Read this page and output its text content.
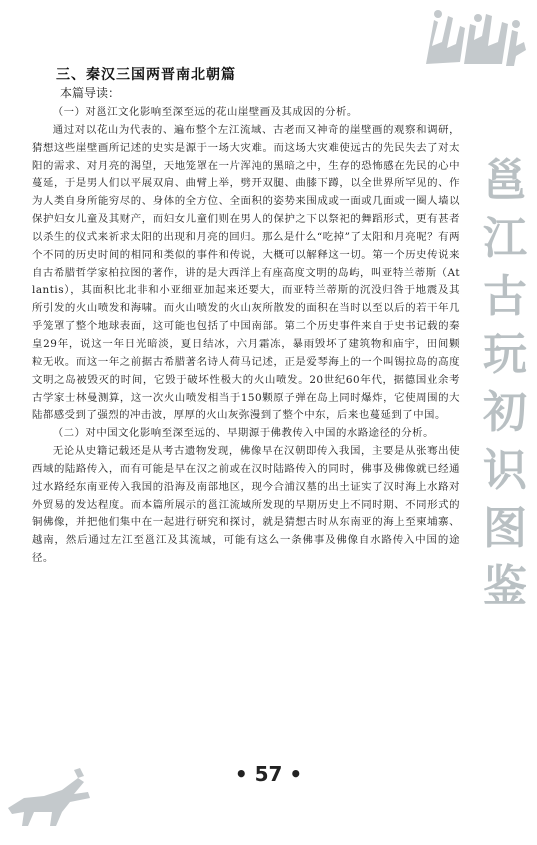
邕
江
古
玩
初
识
图
鉴
三、秦汉三国两晋南北朝篇
本篇导读：

（一）对邕江文化影响至深至远的花山崖壁画及其成因的分析。

通过对以花山为代表的、遍布整个左江流域、古老而又神奇的崖壁画的观察和调研，猜想这些崖壁画所记述的史实是源于一场大灾难。而这场大灾难使远古的先民失去了对太阳的需求、对月亮的渴望，天地笼罩在一片浑沌的黑暗之中，生存的恐怖感在先民的心中蔓延，于是男人们以平展双肩、曲臂上举，劈开双腿、曲膝下蹲，以全世界所罕见的、作为人类自身所能穷尽的、身体的全方位、全面积的姿势来围成或一面或几面或一圈人墙以保护妇女儿童及其财产，而妇女儿童们则在男人的保护之下以祭祀的舞蹈形式，更有甚者以杀生的仪式来祈求太阳的出现和月亮的回归。那么是什么“吃掉”了太阳和月亮呢？有两个不同的历史时间的相同和类似的事件和传说，大概可以解释这一切。第一个历史传说来自古希腊哲学家柏拉图的著作，讲的是大西洋上有座高度文明的岛屿，叫亚特兰蒂斯（Atlantis），其面积比北非和小亚细亚加起来还要大，而亚特兰蒂斯的沉没归咎于地震及其所引发的火山喷发和海啸。而火山喷发的火山灰所散发的面积在当时以至以后的若干年几乎笼罩了整个地球表面，这可能也包括了中国南部。第二个历史事件来自于史书记载的秦皇29年，说这一年日光暗淡，夏日结冰，六月霜冻，暴雨毁坏了建筑物和庙宇，田间颗粒无收。而这一年之前据古希腊著名诗人荷马记述，正是爱琴海上的一个叫锡拉岛的高度文明之岛被毁灭的时间，它毁于破坏性极大的火山喷发。20世纪60年代，据德国业余考古学家士林曼测算，这一次火山喷发相当于150颗原子弹在岛上同时爆炸，它使周围的大陆都感受到了强烈的冲击波，厚厚的火山灰弥漫到了整个中东，后来也蔓延到了中国。

（二）对中国文化影响至深至远的、早期源于佛教传入中国的水路途径的分析。

无论从史籍记载还是从考古遗物发现，佛像早在汉朝即传入我国，主要是从张骞出使西域的陆路传入，而有可能是早在汉之前或在汉时陆路传入的同时，佛事及佛像就已经通过水路经东南亚传入我国的沿海及南部地区，现今合浦汉墓的出土证实了汉时海上水路对外贸易的发达程度。而本篇所展示的邕江流域所发现的早期历史上不同时期、不同形式的铜佛像，并把他们集中在一起进行研究和探讨，就是猜想古时从东南亚的海上至柬埔寨、越南，然后通过左江至邕江及其流域，可能有这么一条佛事及佛像自水路传入中国的途径。

• 57 •
